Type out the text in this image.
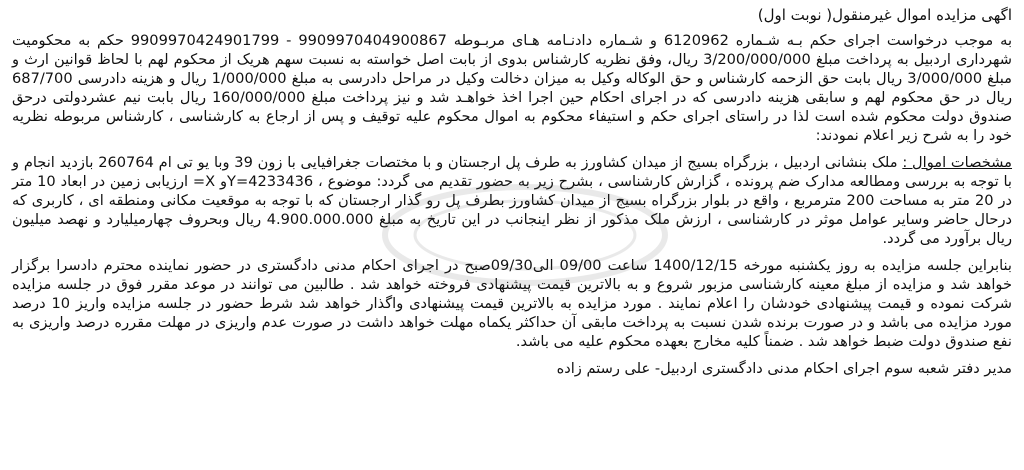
اگهی مزایده اموال غیرمنقول( نوبت اول)
به موجب درخواست اجرای حکم بـه شـماره 6120962 و شـماره دادنـامه هـای مربـوطه 9909970404900867 - 9909970424901799 حکم به محکومیت شهرداری اردبیل به پرداخت مبلغ 3/200/000/000 ریال، وفق نظریه کارشناس بدوی از بابت اصل خواسته به نسبت سهم هریک از محکوم لهم با لحاظ قوانین ارث و مبلغ 3/000/000 ریال بابت حق الزحمه کارشناس و حق الوکاله وکیل به میزان دخالت وکیل در مراحل دادرسی به مبلغ 1/000/000 ریال و هزینه دادرسی 687/700 ریال در حق محکوم لهم و سابقی هزینه دادرسی که در اجرای احکام حین اجرا اخذ خواهـد شد و نیز پرداخت مبلغ 160/000/000 ریال بابت نیم عشردولتی درحق صندوق دولت محکوم شده است لذا در راستای اجرای حکم و استیفاء محکوم به اموال محکوم علیه توقیف و پس از ارجاع به کارشناسی ، کارشناس مربوطه نظریه خود را به شرح زیر اعلام نمودند:
مشخصات اموال : ملک بنشانی اردبیل ، بزرگراه بسیج از میدان کشاورز به طرف پل ارجستان و با مختصات جغرافیایی با زون 39 وبا یو تی ام 260764 بازدید انجام و با توجه به بررسی ومطالعه مدارک ضم پرونده ، گزارش کارشناسی ، بشرح زیر به حضور تقدیم می گردد: موضوع ، Y=4233436و X= ارزیابی زمین در ابعاد 10 متر در 20 متر به مساحت 200 مترمربع ، واقع در بلوار بزرگراه بسیج از میدان کشاورز بطرف پل رو گذار ارجستان که با توجه به موقعیت مکانی ومنطقه ای ، کاربری که درحال حاضر وسایر عوامل موثر در کارشناسی ، ارزش ملک مذکور از نظر اینجانب در این تاریخ به مبلغ 4.900.000.000 ریال وبحروف چهارمیلیارد و نهصد میلیون ریال برآورد می گردد.
بنابراین جلسه مزایده به روز یکشنبه مورخه 1400/12/15 ساعت 09/00 الی09/30صبح در اجرای احکام مدنی دادگستری در حضور نماینده محترم دادسرا برگزار خواهد شد و مزایده از مبلغ معینه کارشناسی مزبور شروع و به بالاترین قیمت پیشنهادی فروخته خواهد شد . طالبین می توانند در موعد مقرر فوق در جلسه مزایده شرکت نموده و قیمت پیشنهادی خودشان را اعلام نمایند . مورد مزایده به بالاترین قیمت پیشنهادی واگذار خواهد شد شرط حضور در جلسه مزایده واریز 10 درصد مورد مزایده می باشد و در صورت برنده شدن نسبت به پرداخت مابقی آن حداکثر یکماه مهلت خواهد داشت در صورت عدم واریزی در مهلت مقرره درصد واریزی به نفع صندوق دولت ضبط خواهد شد . ضمناً کلیه مخارج بعهده محکوم علیه می باشد.
مدیر دفتر شعبه سوم اجرای احکام مدنی دادگستری اردبیل- علی رستم زاده
